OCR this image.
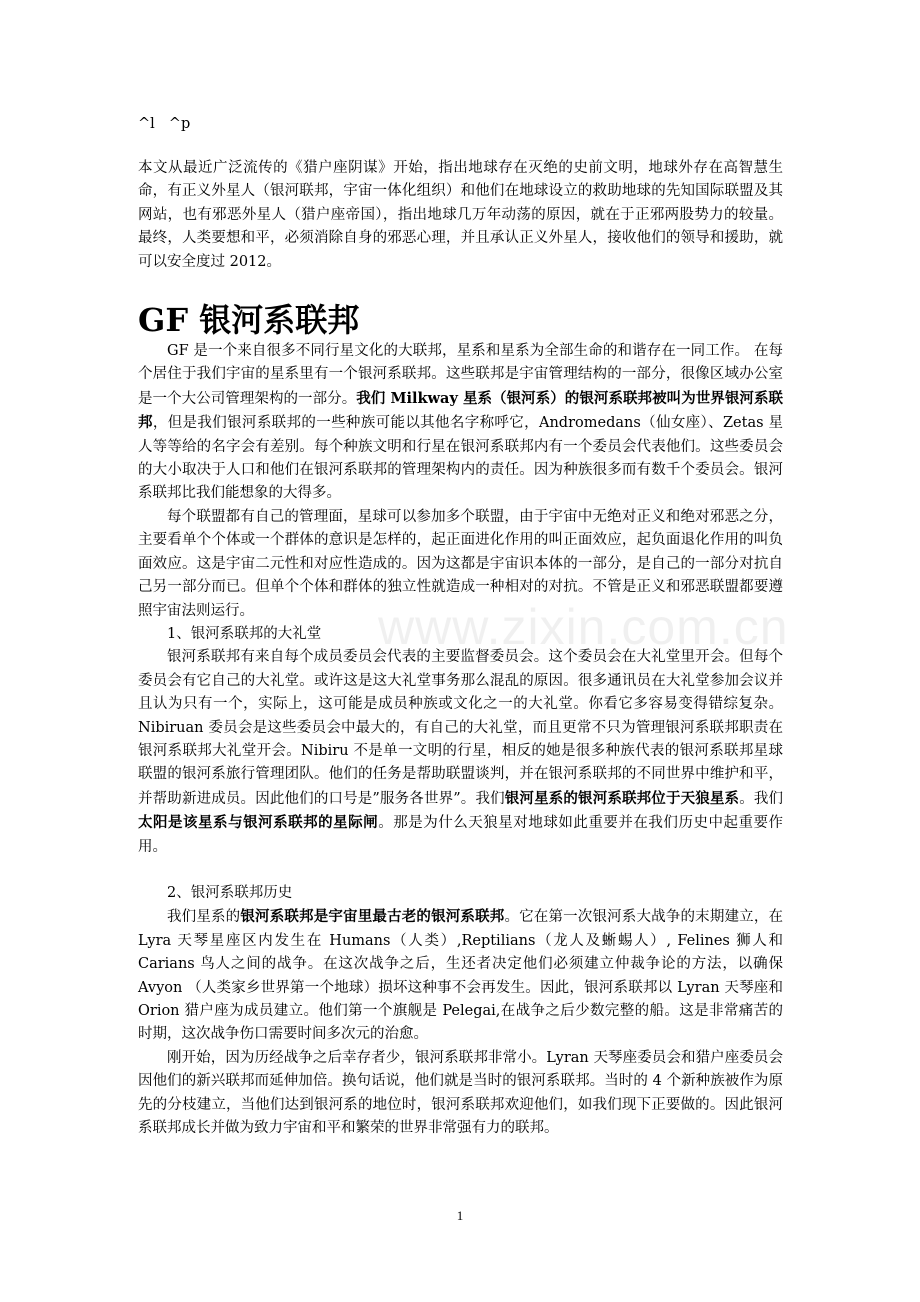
^l ^p

本文从最近广泛流传的《猎户座阴谋》开始，指出地球存在灭绝的史前文明，地球外存在高智慧生命，有正义外星人（银河联邦，宇宙一体化组织）和他们在地球设立的救助地球的先知国际联盟及其网站，也有邪恶外星人（猎户座帝国），指出地球几万年动荡的原因，就在于正邪两股势力的较量。最终，人类要想和平，必须消除自身的邪恶心理，并且承认正义外星人，接收他们的领导和援助，就可以安全度过 2012。

GF 银河系联邦

GF 是一个来自很多不同行星文化的大联邦，星系和星系为全部生命的和谐存在一同工作。 在每个居住于我们宇宙的星系里有一个银河系联邦。这些联邦是宇宙管理结构的一部分，很像区域办公室是一个大公司管理架构的一部分。我们 Milkway 星系（银河系）的银河系联邦被叫为世界银河系联邦，但是我们银河系联邦的一些种族可能以其他名字称呼它，Andromedans（仙女座）、Zetas 星人等等给的名字会有差别。每个种族文明和行星在银河系联邦内有一个委员会代表他们。这些委员会的大小取决于人口和他们在银河系联邦的管理架构内的责任。因为种族很多而有数千个委员会。银河系联邦比我们能想象的大得多。

每个联盟都有自己的管理面，星球可以参加多个联盟，由于宇宙中无绝对正义和绝对邪恶之分，主要看单个个体或一个群体的意识是怎样的，起正面进化作用的叫正面效应，起负面退化作用的叫负面效应。这是宇宙二元性和对应性造成的。因为这都是宇宙识本体的一部分，是自己的一部分对抗自己另一部分而已。但单个个体和群体的独立性就造成一种相对的对抗。不管是正义和邪恶联盟都要遵照宇宙法则运行。

1、银河系联邦的大礼堂

银河系联邦有来自每个成员委员会代表的主要监督委员会。这个委员会在大礼堂里开会。但每个委员会有它自己的大礼堂。或许这是这大礼堂事务那么混乱的原因。很多通讯员在大礼堂参加会议并且认为只有一个，实际上，这可能是成员种族或文化之一的大礼堂。你看它多容易变得错综复杂。Nibiruan 委员会是这些委员会中最大的，有自己的大礼堂，而且更常不只为管理银河系联邦职责在银河系联邦大礼堂开会。Nibiru 不是单一文明的行星，相反的她是很多种族代表的银河系联邦星球联盟的银河系旅行管理团队。他们的任务是帮助联盟谈判，并在银河系联邦的不同世界中维护和平，并帮助新进成员。因此他们的口号是”服务各世界”。我们银河星系的银河系联邦位于天狼星系。我们太阳是该星系与银河系联邦的星际闸。那是为什么天狼星对地球如此重要并在我们历史中起重要作用。

2、银河系联邦历史

我们星系的银河系联邦是宇宙里最古老的银河系联邦。它在第一次银河系大战争的末期建立，在 Lyra 天琴星座区内发生在 Humans（人类）,Reptilians（龙人及蜥蜴人）, Felines 狮人和 Carians 鸟人之间的战争。在这次战争之后，生还者决定他们必须建立仲裁争论的方法，以确保 Avyon （人类家乡世界第一个地球）损坏这种事不会再发生。因此，银河系联邦以 Lyran 天琴座和 Orion 猎户座为成员建立。他们第一个旗舰是 Pelegai,在战争之后少数完整的船。这是非常痛苦的时期，这次战争伤口需要时间多次元的治愈。

刚开始，因为历经战争之后幸存者少，银河系联邦非常小。Lyran 天琴座委员会和猎户座委员会因他们的新兴联邦而延伸加倍。换句话说，他们就是当时的银河系联邦。当时的 4 个新种族被作为原先的分枝建立，当他们达到银河系的地位时，银河系联邦欢迎他们，如我们现下正要做的。因此银河系联邦成长并做为致力宇宙和平和繁荣的世界非常强有力的联邦。

www.zixin.com.cn
1
